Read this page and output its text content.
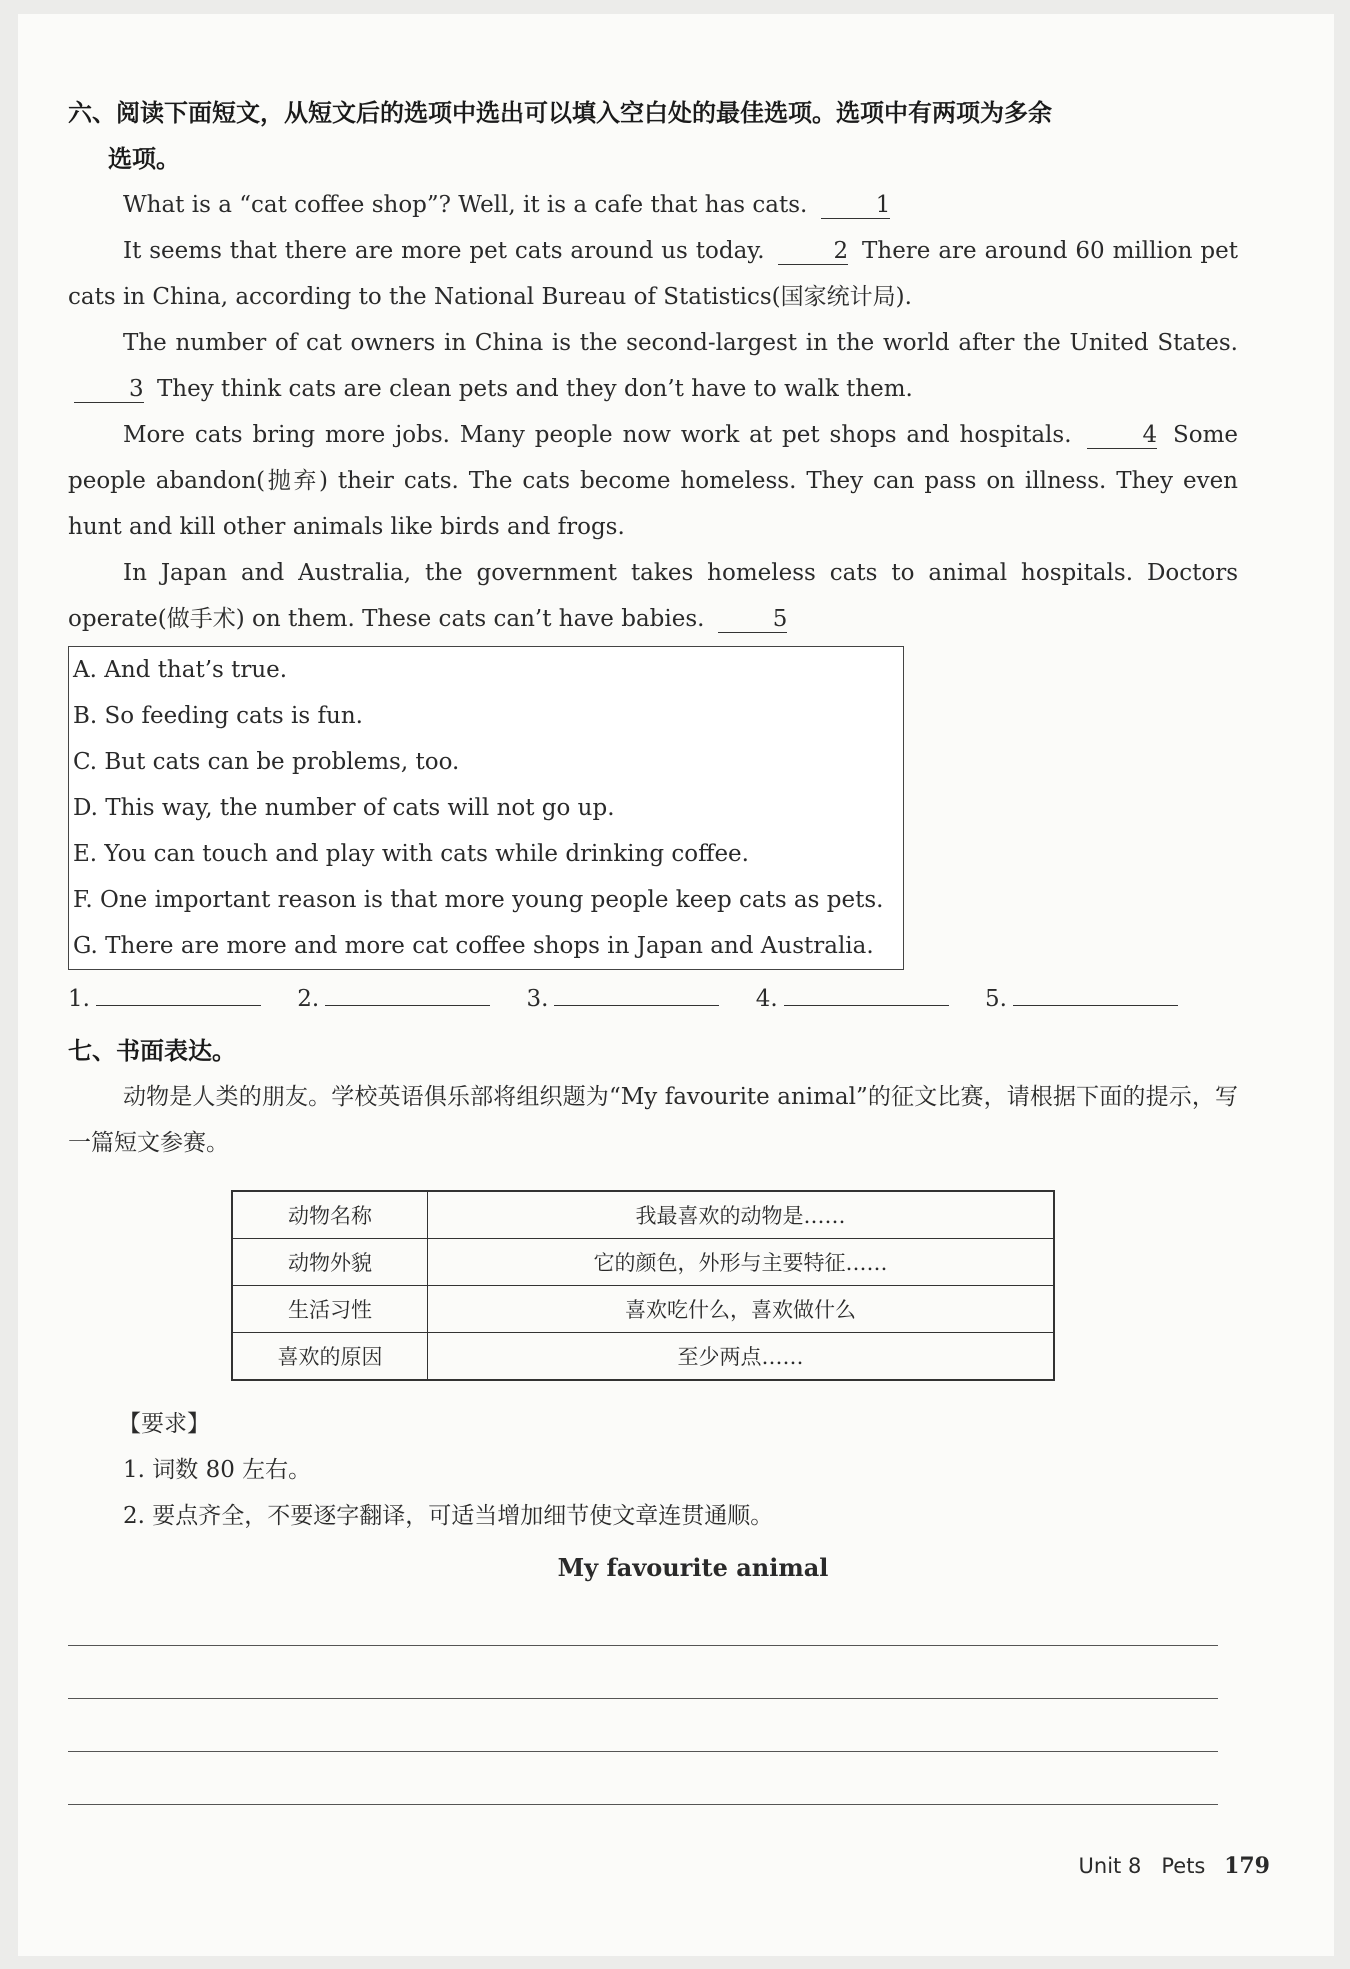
六、阅读下面短文，从短文后的选项中选出可以填入空白处的最佳选项。选项中有两项为多余
选项。

What is a “cat coffee shop”? Well, it is a cafe that has cats.	1

It seems that there are more pet cats around us today.	2 There are around 60 million pet cats in China, according to the National Bureau of Statistics(国家统计局).

The number of cat owners in China is the second-largest in the world after the United States. 3 They think cats are clean pets and they don’t have to walk them.

More cats bring more jobs. Many people now work at pet shops and hospitals.	4 Some people abandon(抛弃) their cats. The cats become homeless. They can pass on illness. They even hunt and kill other animals like birds and frogs.

In Japan and Australia, the government takes homeless cats to animal hospitals. Doctors operate(做手术) on them. These cats can’t have babies.	5

A. And that’s true.
B. So feeding cats is fun.
C. But cats can be problems, too.
D. This way, the number of cats will not go up.
E. You can touch and play with cats while drinking coffee.
F. One important reason is that more young people keep cats as pets.
G. There are more and more cat coffee shops in Japan and Australia.
1.	2.	3.	4.	5.
七、书面表达。

动物是人类的朋友。学校英语俱乐部将组织题为“My favourite animal”的征文比赛，请根据下面的提示，写一篇短文参赛。

动物名称	我最喜欢的动物是……
动物外貌	它的颜色，外形与主要特征……
生活习性	喜欢吃什么，喜欢做什么
喜欢的原因	至少两点……
【要求】
1. 词数 80 左右。
2. 要点齐全，不要逐字翻译，可适当增加细节使文章连贯通顺。
My favourite animal
Unit 8 Pets 179
